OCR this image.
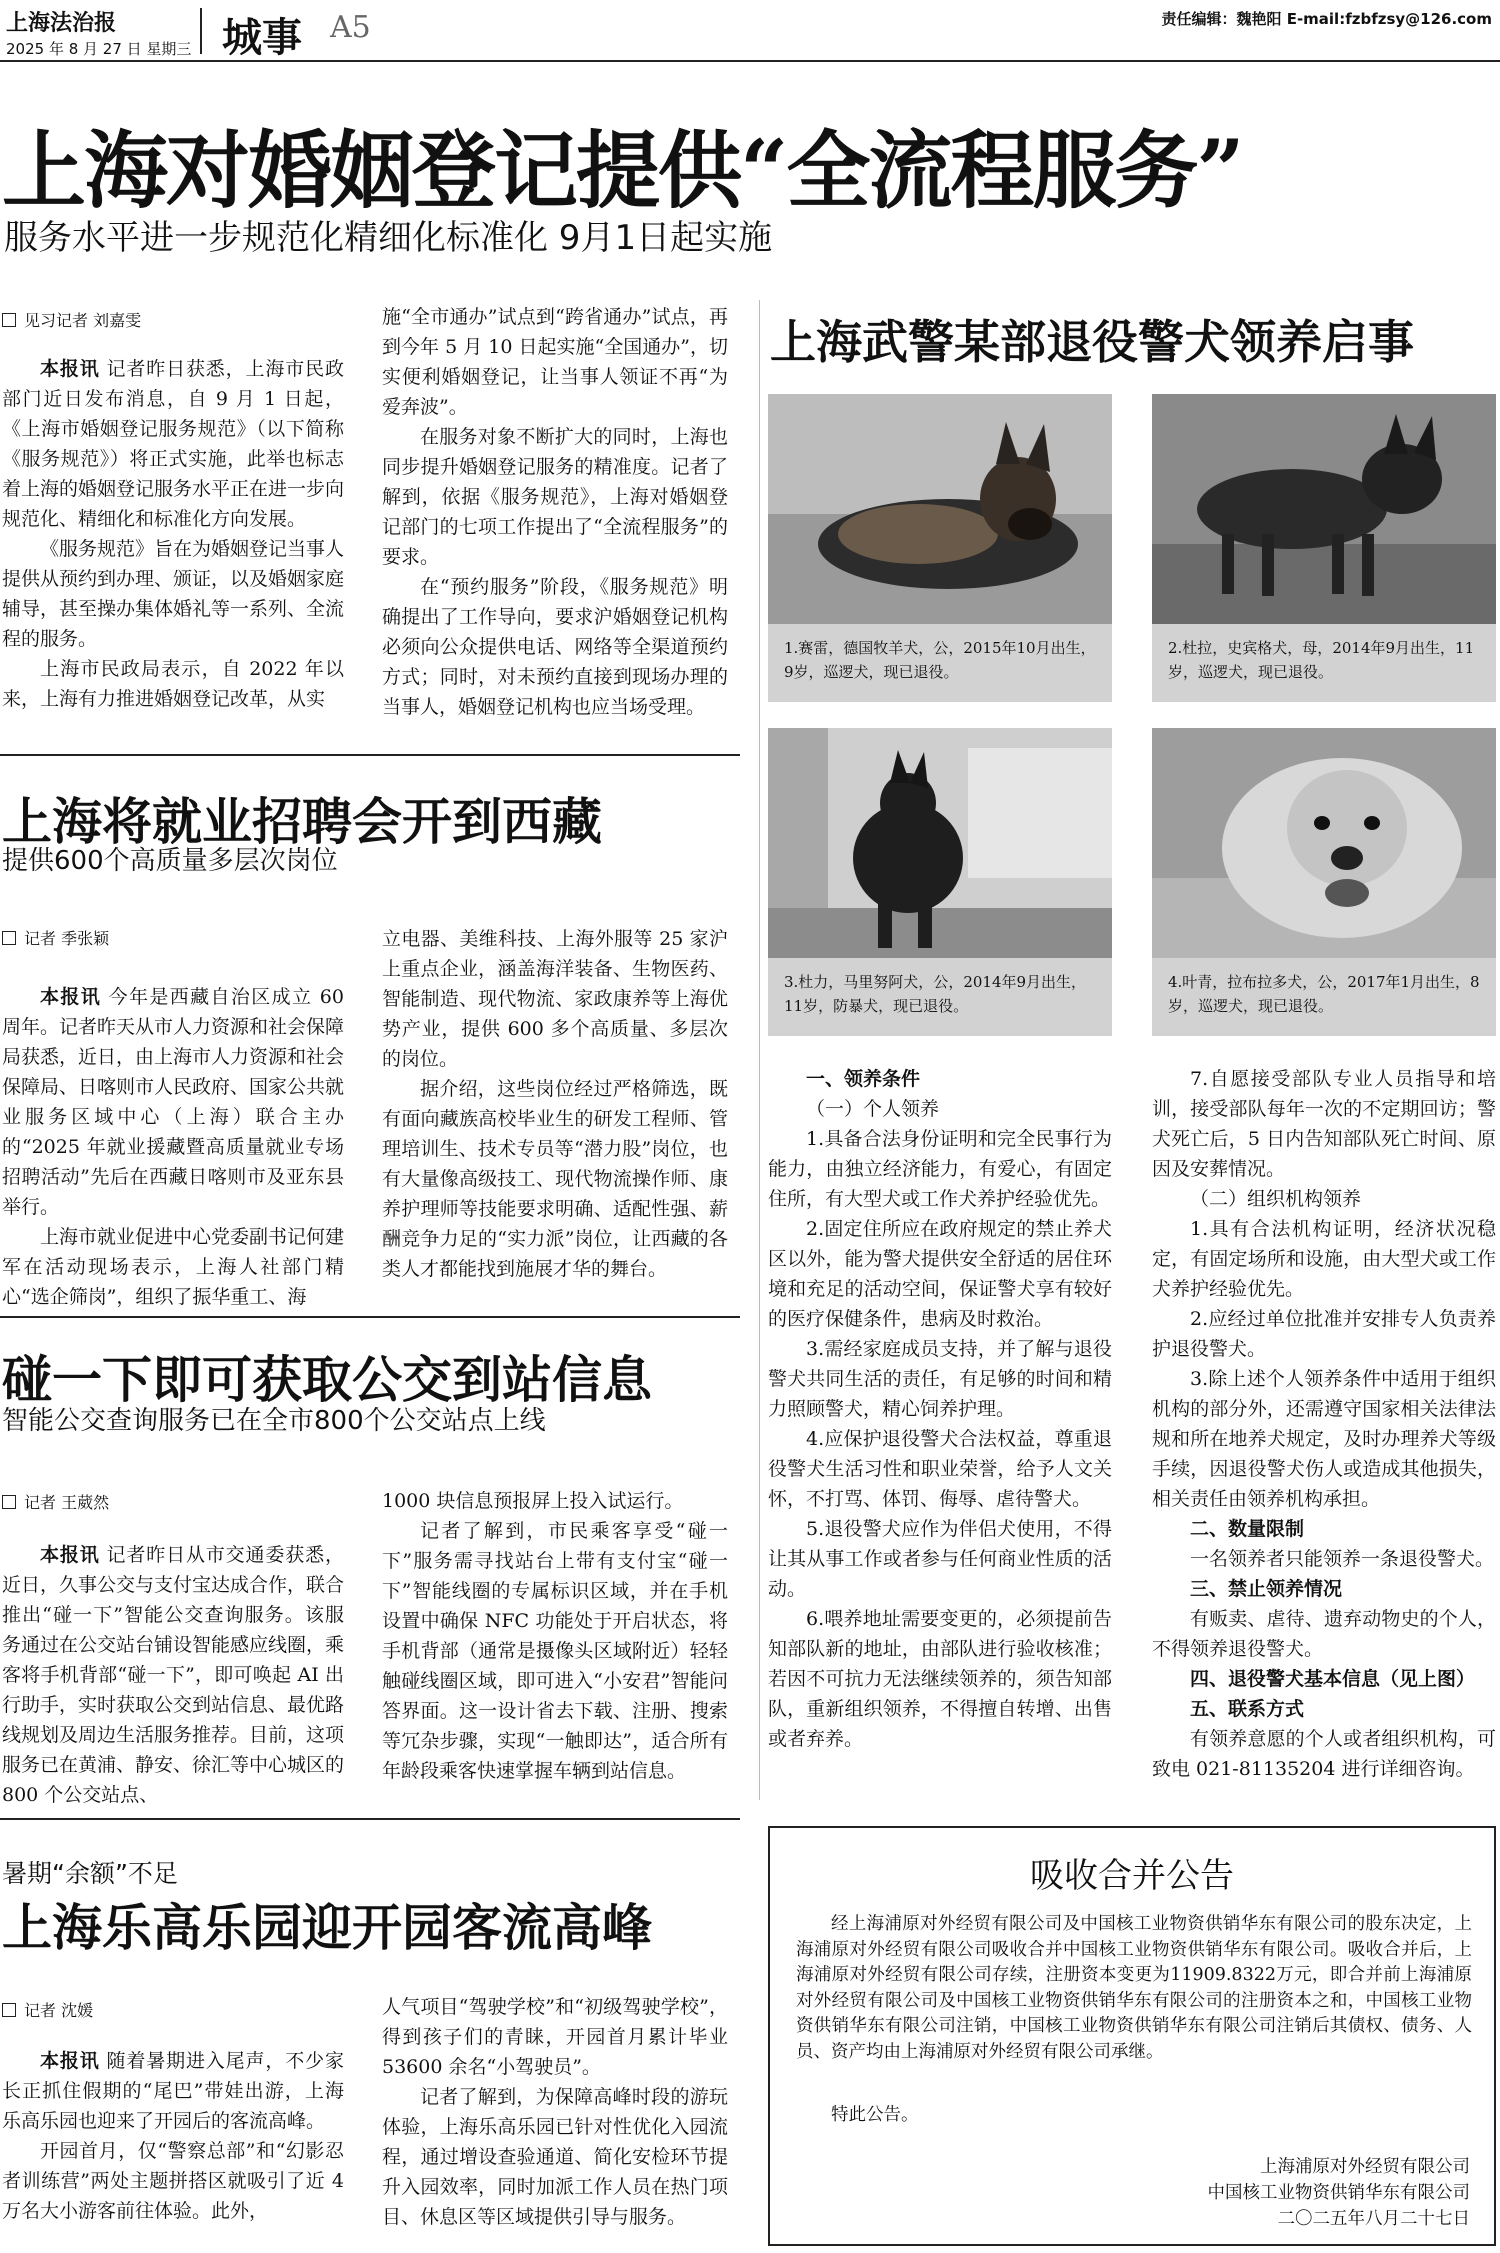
上海法治报
2025 年 8 月 27 日 星期三 城事 A5	责任编辑：魏艳阳 E-mail:fzbfzsy@126.com
上海对婚姻登记提供“全流程服务”
服务水平进一步规范化精细化标准化 9月1日起实施
见习记者 刘嘉雯

本报讯 记者昨日获悉，上海市民政部门近日发布消息，自 9 月 1 日起，《上海市婚姻登记服务规范》（以下简称《服务规范》）将正式实施，此举也标志着上海的婚姻登记服务水平正在进一步向规范化、精细化和标准化方向发展。

《服务规范》旨在为婚姻登记当事人提供从预约到办理、颁证，以及婚姻家庭辅导，甚至操办集体婚礼等一系列、全流程的服务。

上海市民政局表示，自 2022 年以来，上海有力推进婚姻登记改革，从实

施“全市通办”试点到“跨省通办”试点，再到今年 5 月 10 日起实施“全国通办”，切实便利婚姻登记，让当事人领证不再“为爱奔波”。

在服务对象不断扩大的同时，上海也同步提升婚姻登记服务的精准度。记者了解到，依据《服务规范》，上海对婚姻登记部门的七项工作提出了“全流程服务”的要求。

在“预约服务”阶段，《服务规范》明确提出了工作导向，要求沪婚姻登记机构必须向公众提供电话、网络等全渠道预约方式；同时，对未预约直接到现场办理的当事人，婚姻登记机构也应当场受理。

上海将就业招聘会开到西藏
提供600个高质量多层次岗位
记者 季张颖

本报讯 今年是西藏自治区成立 60 周年。记者昨天从市人力资源和社会保障局获悉，近日，由上海市人力资源和社会保障局、日喀则市人民政府、国家公共就业服务区域中心（上海）联合主办的“2025 年就业援藏暨高质量就业专场招聘活动”先后在西藏日喀则市及亚东县举行。

上海市就业促进中心党委副书记何建军在活动现场表示，上海人社部门精心“选企筛岗”，组织了振华重工、海

立电器、美维科技、上海外服等 25 家沪上重点企业，涵盖海洋装备、生物医药、智能制造、现代物流、家政康养等上海优势产业，提供 600 多个高质量、多层次的岗位。

据介绍，这些岗位经过严格筛选，既有面向藏族高校毕业生的研发工程师、管理培训生、技术专员等“潜力股”岗位，也有大量像高级技工、现代物流操作师、康养护理师等技能要求明确、适配性强、薪酬竞争力足的“实力派”岗位，让西藏的各类人才都能找到施展才华的舞台。

碰一下即可获取公交到站信息
智能公交查询服务已在全市800个公交站点上线
记者 王葳然

本报讯 记者昨日从市交通委获悉，近日，久事公交与支付宝达成合作，联合推出“碰一下”智能公交查询服务。该服务通过在公交站台铺设智能感应线圈，乘客将手机背部“碰一下”，即可唤起 AI 出行助手，实时获取公交到站信息、最优路线规划及周边生活服务推荐。目前，这项服务已在黄浦、静安、徐汇等中心城区的 800 个公交站点、

1000 块信息预报屏上投入试运行。

记者了解到，市民乘客享受“碰一下”服务需寻找站台上带有支付宝“碰一下”智能线圈的专属标识区域，并在手机设置中确保 NFC 功能处于开启状态，将手机背部（通常是摄像头区域附近）轻轻触碰线圈区域，即可进入“小安君”智能问答界面。这一设计省去下载、注册、搜索等冗杂步骤，实现“一触即达”，适合所有年龄段乘客快速掌握车辆到站信息。

暑期“余额”不足
上海乐高乐园迎开园客流高峰
记者 沈媛

本报讯 随着暑期进入尾声，不少家长正抓住假期的“尾巴”带娃出游，上海乐高乐园也迎来了开园后的客流高峰。

开园首月，仅“警察总部”和“幻影忍者训练营”两处主题拼搭区就吸引了近 4 万名大小游客前往体验。此外，

人气项目“驾驶学校”和“初级驾驶学校”，得到孩子们的青睐，开园首月累计毕业 53600 余名“小驾驶员”。

记者了解到，为保障高峰时段的游玩体验，上海乐高乐园已针对性优化入园流程，通过增设查验通道、简化安检环节提升入园效率，同时加派工作人员在热门项目、休息区等区域提供引导与服务。

上海武警某部退役警犬领养启事
1.赛雷，德国牧羊犬，公，2015年10月出生，9岁，巡逻犬，现已退役。
2.杜拉，史宾格犬，母，2014年9月出生，11岁，巡逻犬，现已退役。
3.杜力，马里努阿犬，公，2014年9月出生，11岁，防暴犬，现已退役。
4.叶青，拉布拉多犬，公，2017年1月出生，8岁，巡逻犬，现已退役。

一、领养条件

（一）个人领养

1.具备合法身份证明和完全民事行为能力，由独立经济能力，有爱心，有固定住所，有大型犬或工作犬养护经验优先。

2.固定住所应在政府规定的禁止养犬区以外，能为警犬提供安全舒适的居住环境和充足的活动空间，保证警犬享有较好的医疗保健条件，患病及时救治。

3.需经家庭成员支持，并了解与退役警犬共同生活的责任，有足够的时间和精力照顾警犬，精心饲养护理。

4.应保护退役警犬合法权益，尊重退役警犬生活习性和职业荣誉，给予人文关怀，不打骂、体罚、侮辱、虐待警犬。

5.退役警犬应作为伴侣犬使用，不得让其从事工作或者参与任何商业性质的活动。

6.喂养地址需要变更的，必须提前告知部队新的地址，由部队进行验收核准；若因不可抗力无法继续领养的，须告知部队，重新组织领养，不得擅自转增、出售或者弃养。

7.自愿接受部队专业人员指导和培训，接受部队每年一次的不定期回访；警犬死亡后，5 日内告知部队死亡时间、原因及安葬情况。

（二）组织机构领养

1.具有合法机构证明，经济状况稳定，有固定场所和设施，由大型犬或工作犬养护经验优先。

2.应经过单位批准并安排专人负责养护退役警犬。

3.除上述个人领养条件中适用于组织机构的部分外，还需遵守国家相关法律法规和所在地养犬规定，及时办理养犬等级手续，因退役警犬伤人或造成其他损失，相关责任由领养机构承担。

二、数量限制

一名领养者只能领养一条退役警犬。

三、禁止领养情况

有贩卖、虐待、遗弃动物史的个人，不得领养退役警犬。

四、退役警犬基本信息（见上图）

五、联系方式

有领养意愿的个人或者组织机构，可致电 021-81135204 进行详细咨询。

吸收合并公告
经上海浦原对外经贸有限公司及中国核工业物资供销华东有限公司的股东决定，上海浦原对外经贸有限公司吸收合并中国核工业物资供销华东有限公司。吸收合并后，上海浦原对外经贸有限公司存续，注册资本变更为11909.8322万元，即合并前上海浦原对外经贸有限公司及中国核工业物资供销华东有限公司的注册资本之和，中国核工业物资供销华东有限公司注销，中国核工业物资供销华东有限公司注销后其债权、债务、人员、资产均由上海浦原对外经贸有限公司承继。
特此公告。
上海浦原对外经贸有限公司
中国核工业物资供销华东有限公司
二〇二五年八月二十七日
